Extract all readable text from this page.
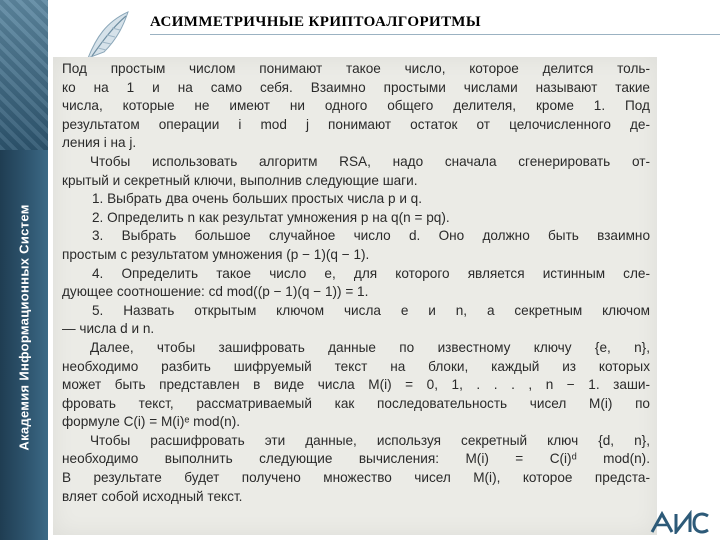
Академия Информационных Систем
АСИММЕТРИЧНЫЕ КРИПТОАЛГОРИТМЫ
Под простым числом понимают такое число, которое делится толь-
ко на 1 и на само себя. Взаимно простыми числами называют такие
числа, которые не имеют ни одного общего делителя, кроме 1. Под
результатом операции i mod j понимают остаток от целочисленного де-
ления i на j.
Чтобы использовать алгоритм RSA, надо сначала сгенерировать от-
крытый и секретный ключи, выполнив следующие шаги.
1. Выбрать два очень больших простых числа p и q.
2. Определить n как результат умножения p на q(n = pq).
3. Выбрать большое случайное число d. Оно должно быть взаимно
простым с результатом умножения (p − 1)(q − 1).
4. Определить такое число e, для которого является истинным сле-
дующее соотношение: cd mod((p − 1)(q − 1)) = 1.
5. Назвать открытым ключом числа e и n, а секретным ключом
— числа d и n.
Далее, чтобы зашифровать данные по известному ключу {e, n},
необходимо разбить шифруемый текст на блоки, каждый из которых
может быть представлен в виде числа M(i) = 0, 1, . . . , n − 1. заши-
фровать текст, рассматриваемый как последовательность чисел M(i) по
формуле C(i) = M(i)ᵉ mod(n).
Чтобы расшифровать эти данные, используя секретный ключ {d, n},
необходимо выполнить следующие вычисления: M(i) = C(i)ᵈ mod(n).
В результате будет получено множество чисел M(i), которое предста-
вляет собой исходный текст.
